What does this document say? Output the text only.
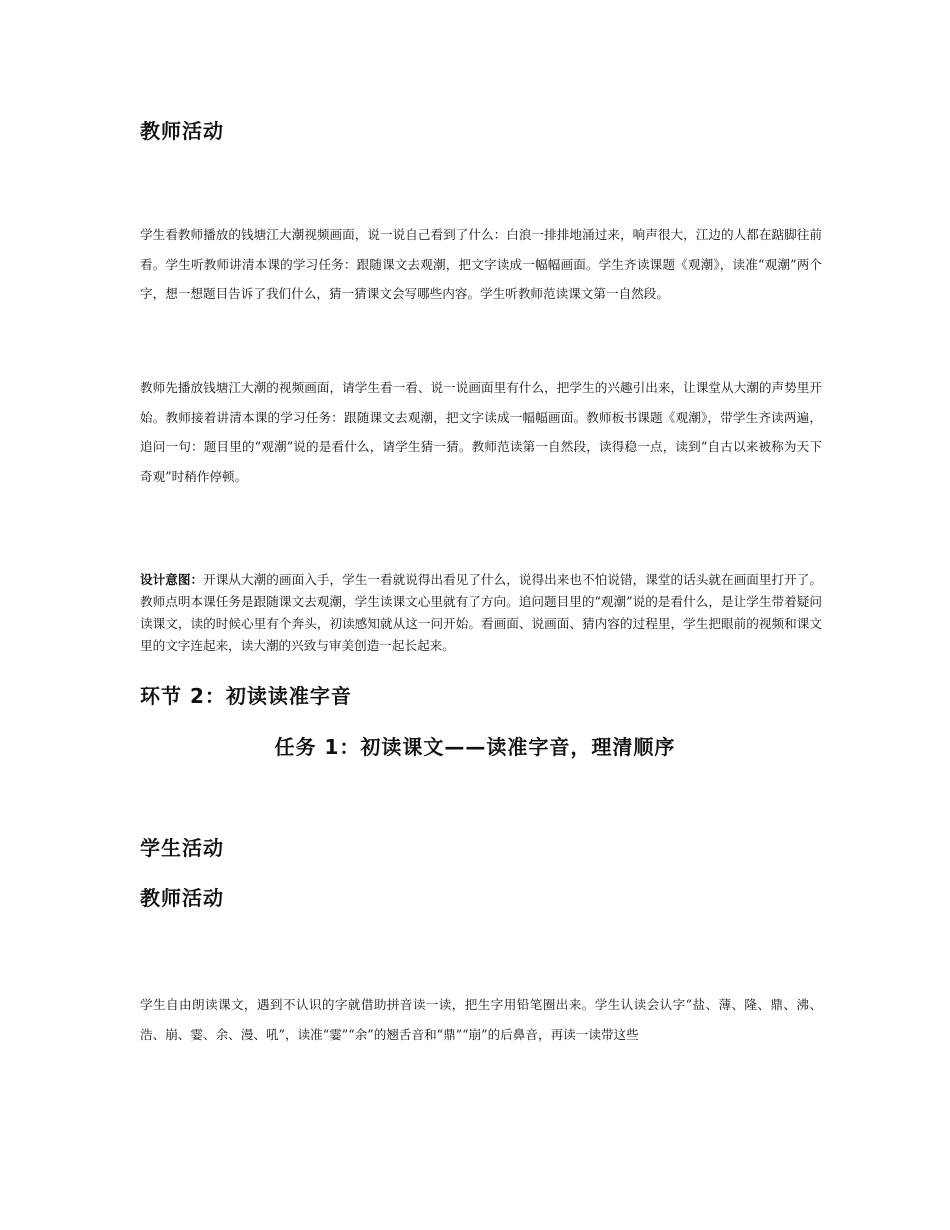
教师活动

学生看教师播放的钱塘江大潮视频画面，说一说自己看到了什么：白浪一排排地涌过来，响声很大，江边的人都在踮脚往前看。学生听教师讲清本课的学习任务：跟随课文去观潮，把文字读成一幅幅画面。学生齐读课题《观潮》，读准“观潮”两个字，想一想题目告诉了我们什么，猜一猜课文会写哪些内容。学生听教师范读课文第一自然段。

教师先播放钱塘江大潮的视频画面，请学生看一看、说一说画面里有什么，把学生的兴趣引出来，让课堂从大潮的声势里开始。教师接着讲清本课的学习任务：跟随课文去观潮，把文字读成一幅幅画面。教师板书课题《观潮》，带学生齐读两遍，追问一句：题目里的“观潮”说的是看什么，请学生猜一猜。教师范读第一自然段，读得稳一点，读到“自古以来被称为天下奇观”时稍作停顿。

设计意图：开课从大潮的画面入手，学生一看就说得出看见了什么，说得出来也不怕说错，课堂的话头就在画面里打开了。教师点明本课任务是跟随课文去观潮，学生读课文心里就有了方向。追问题目里的“观潮”说的是看什么，是让学生带着疑问读课文，读的时候心里有个奔头，初读感知就从这一问开始。看画面、说画面、猜内容的过程里，学生把眼前的视频和课文里的文字连起来，读大潮的兴致与审美创造一起长起来。

环节 2：初读读准字音
任务 1：初读课文——读准字音，理清顺序
学生活动
教师活动

学生自由朗读课文，遇到不认识的字就借助拼音读一读，把生字用铅笔圈出来。学生认读会认字“盐、薄、隆、鼎、沸、浩、崩、霎、余、漫、吼”，读准“霎”“余”的翘舌音和“鼎”“崩”的后鼻音，再读一读带这些
